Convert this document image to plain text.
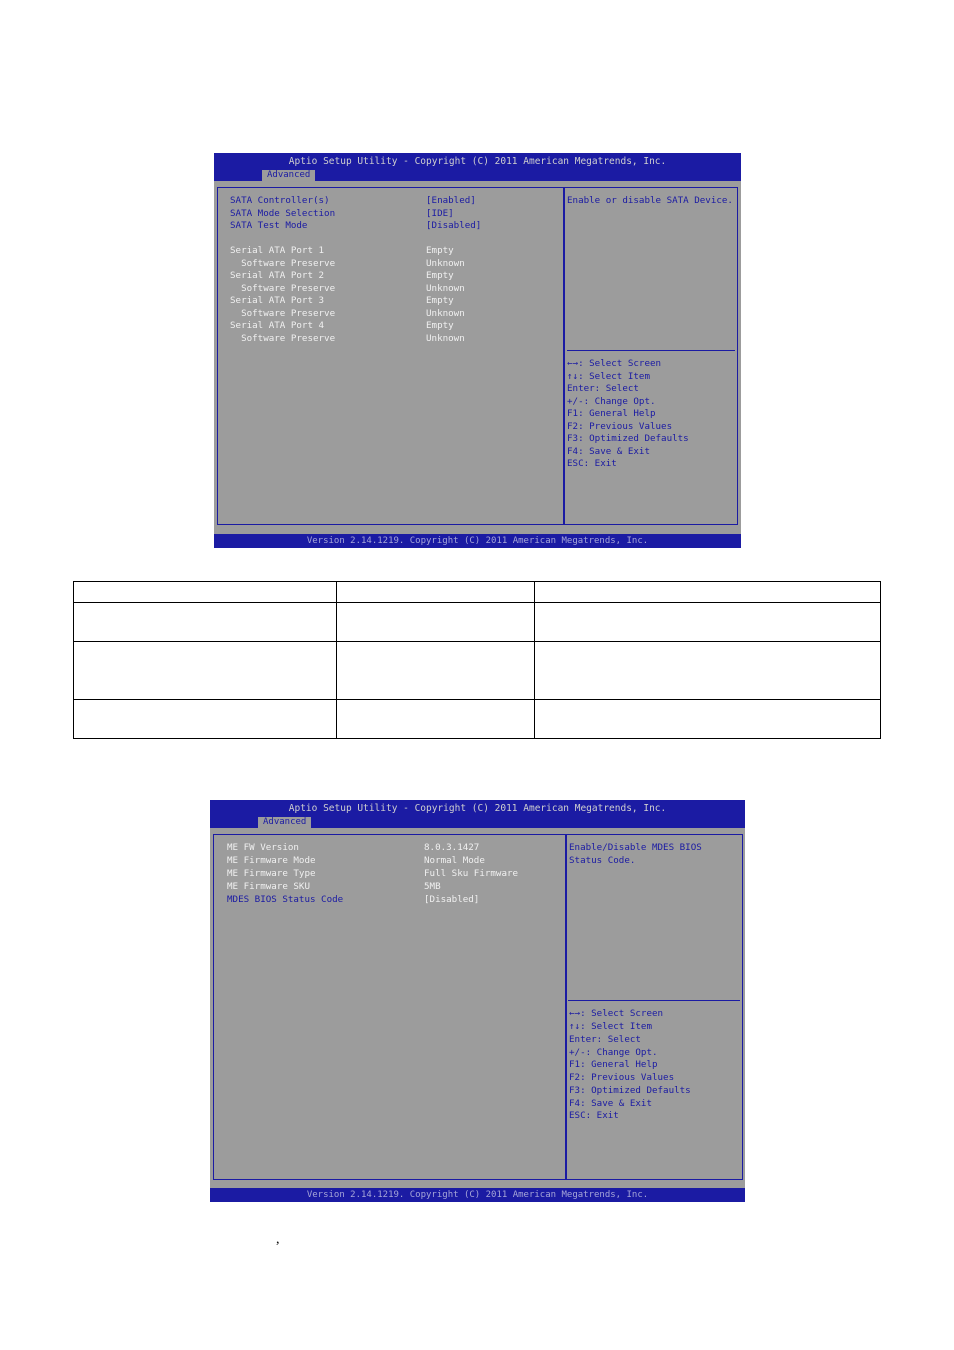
Aptio Setup Utility - Copyright (C) 2011 American Megatrends, Inc.
Advanced
Version 2.14.1219. Copyright (C) 2011 American Megatrends, Inc.
SATA Controller(s)	[Enabled]
SATA Mode Selection	[IDE]
SATA Test Mode	[Disabled]
Serial ATA Port 1	Empty
Software Preserve	Unknown
Serial ATA Port 2	Empty
Software Preserve	Unknown
Serial ATA Port 3	Empty
Software Preserve	Unknown
Serial ATA Port 4	Empty
Software Preserve	Unknown
Enable or disable SATA Device.
←→: Select Screen
↑↓: Select Item
Enter: Select
+/-: Change Opt.
F1: General Help
F2: Previous Values
F3: Optimized Defaults
F4: Save & Exit
ESC: Exit

Aptio Setup Utility - Copyright (C) 2011 American Megatrends, Inc.
Advanced
Version 2.14.1219. Copyright (C) 2011 American Megatrends, Inc.
ME FW Version	8.0.3.1427
ME Firmware Mode	Normal Mode
ME Firmware Type	Full Sku Firmware
ME Firmware SKU	5MB
MDES BIOS Status Code	[Disabled]
Enable/Disable MDES BIOS
Status Code.
←→: Select Screen
↑↓: Select Item
Enter: Select
+/-: Change Opt.
F1: General Help
F2: Previous Values
F3: Optimized Defaults
F4: Save & Exit
ESC: Exit
,
